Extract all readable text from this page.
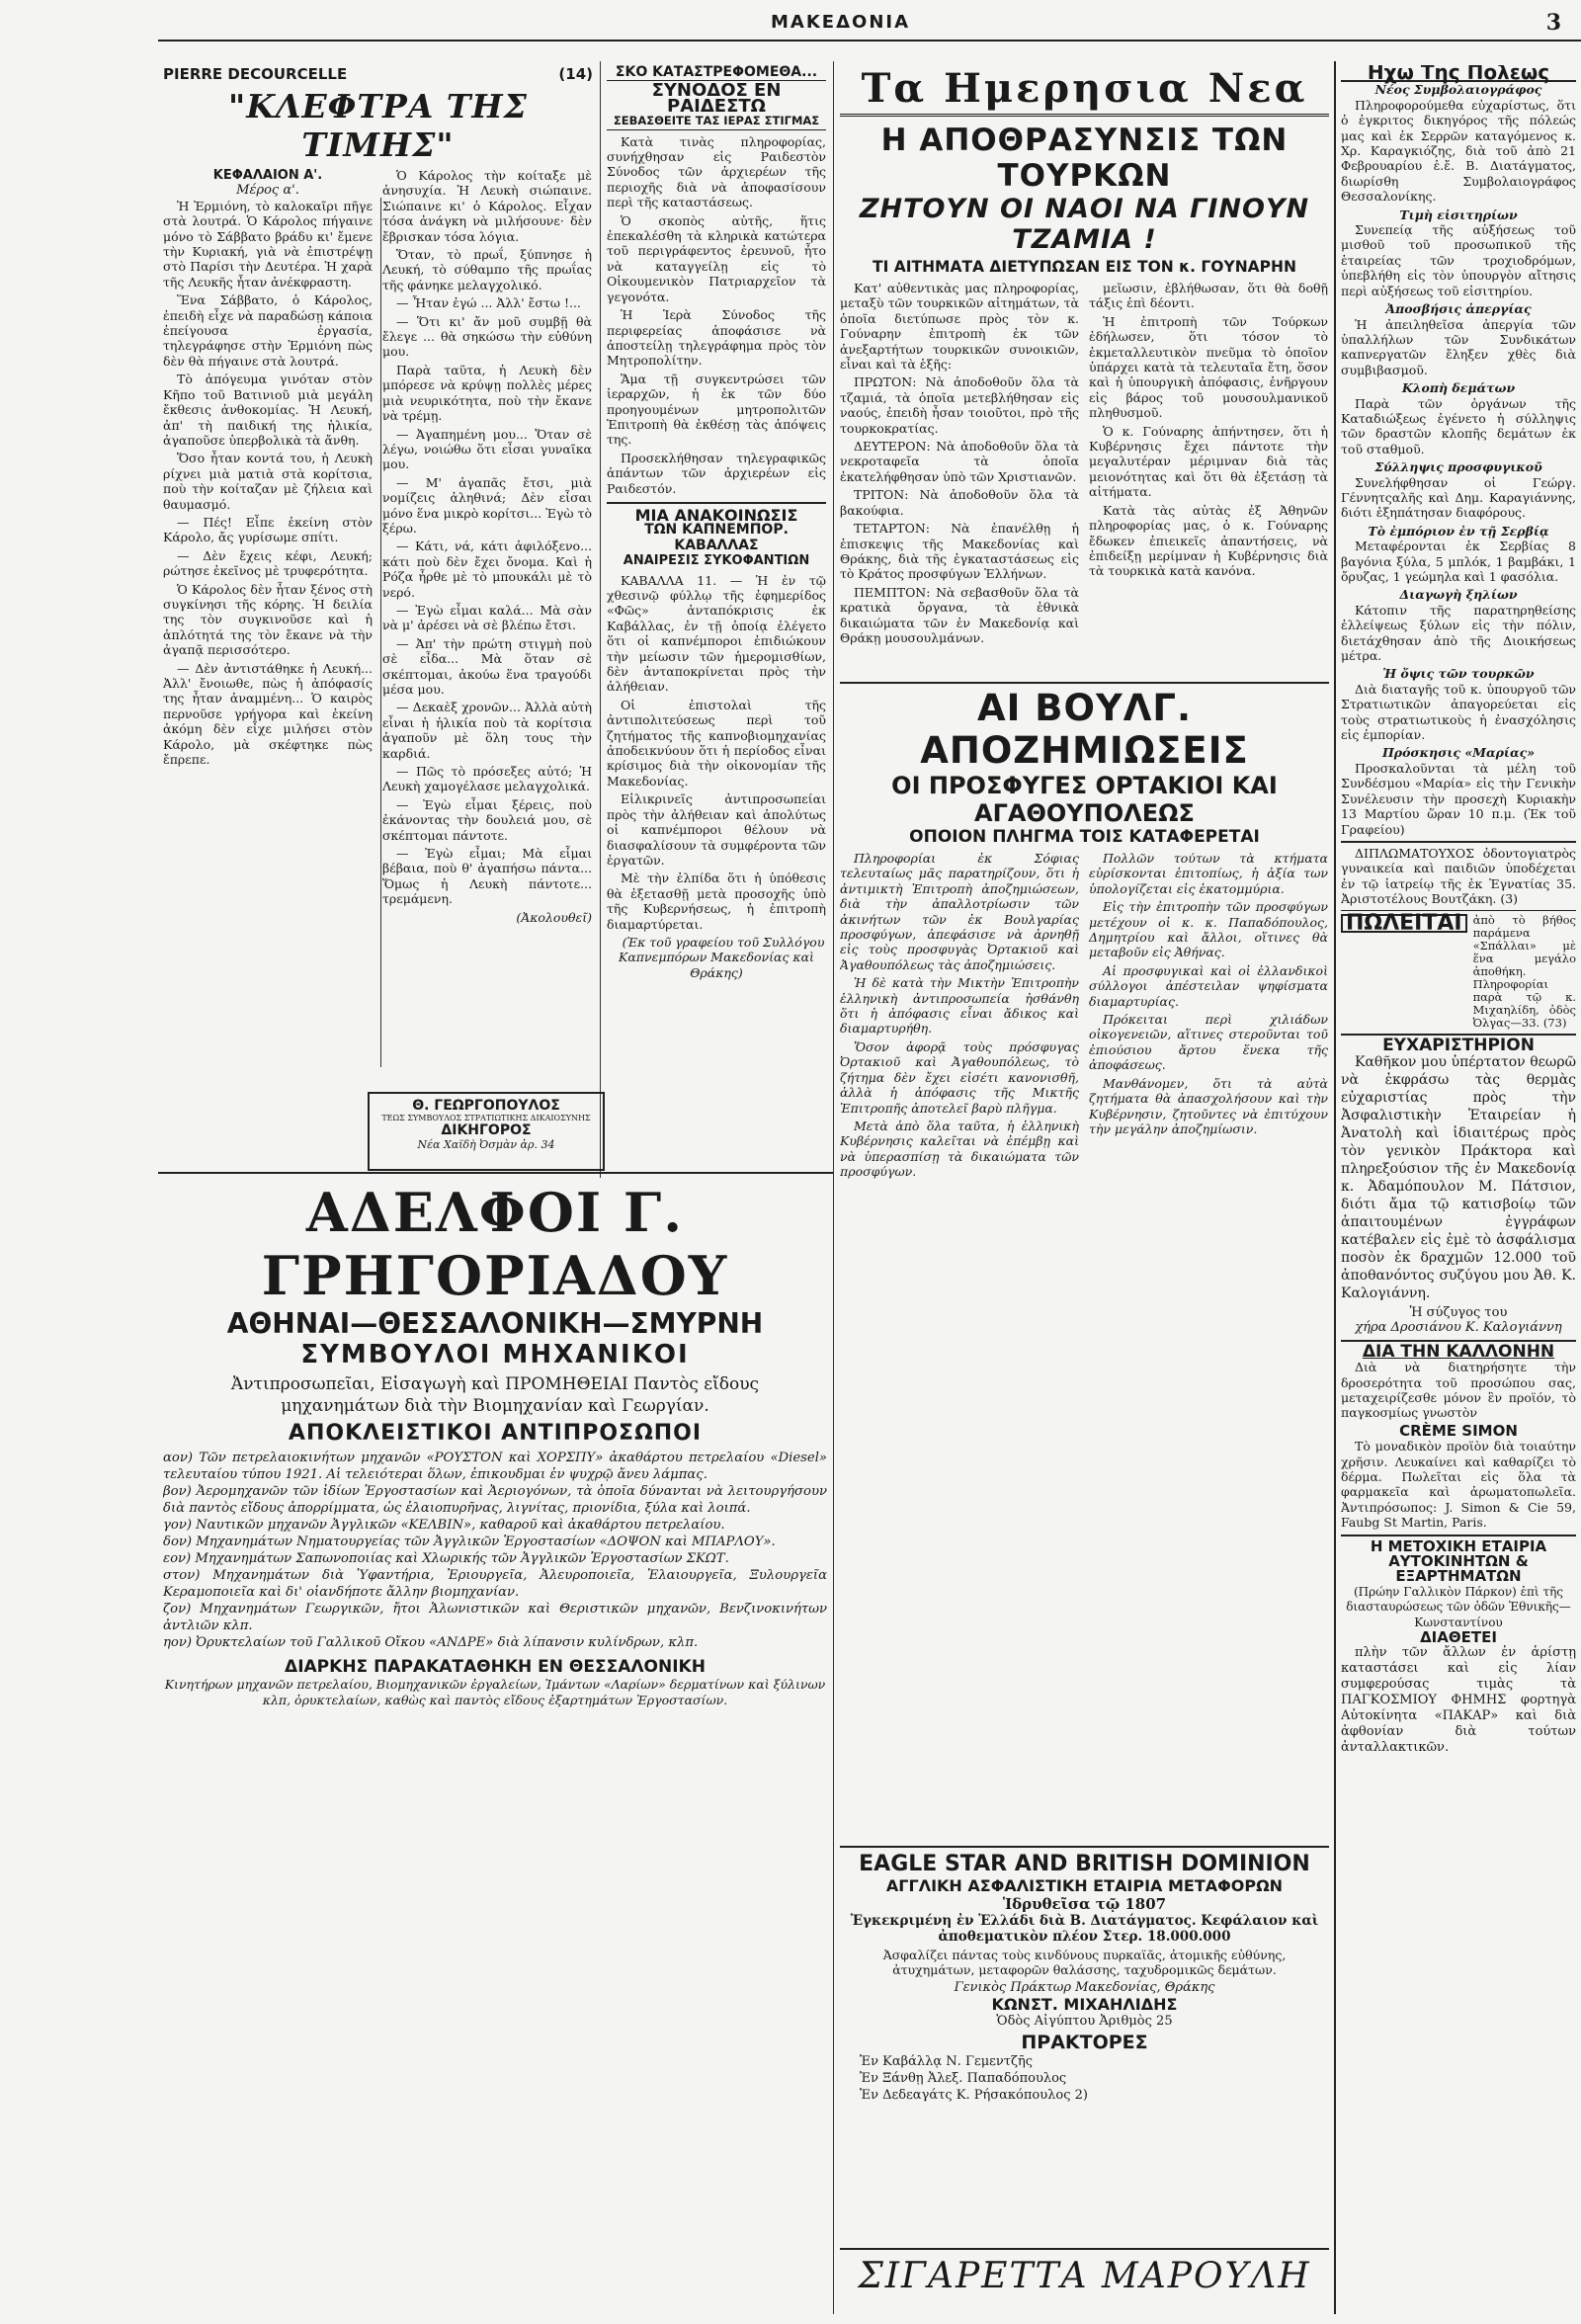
ΜΑΚΕΔΟΝΙΑ	3
PIERRE DECOURCELLE	(14)
"ΚΛΕΦΤΡΑ ΤΗΣ ΤΙΜΗΣ"
ΚΕΦΑΛΑΙΟΝ Α'.
Μέρος α'.

Ἡ Ἑρμιόνη, τὸ καλοκαῖρι πῆγε στὰ λουτρά. Ὁ Κάρολος πήγαινε μόνο τὸ Σάββατο βράδυ κι' ἔμενε τὴν Κυριακή, γιὰ νὰ ἐπιστρέψῃ στὸ Παρίσι τὴν Δευτέρα. Ἡ χαρὰ τῆς Λευκῆς ἦταν ἀνέκφραστη.

Ἕνα Σάββατο, ὁ Κάρολος, ἐπειδὴ εἶχε νὰ παραδώσῃ κάποια ἐπείγουσα ἐργασία, τηλεγράφησε στὴν Ἑρμιόνη πὼς δὲν θὰ πήγαινε στὰ λουτρά.

Τὸ ἀπόγευμα γινόταν στὸν Κῆπο τοῦ Βατινιοῦ μιὰ μεγάλη ἔκθεσις ἀνθοκομίας. Ἡ Λευκή, ἀπ' τὴ παιδική της ἡλικία, ἀγαποῦσε ὑπερβολικὰ τὰ ἄνθη.

Ὅσο ἦταν κοντά του, ἡ Λευκὴ ρίχνει μιὰ ματιὰ στὰ κορίτσια, ποὺ τὴν κοίταζαν μὲ ζήλεια καὶ θαυμασμό.

— Πές! Εἶπε ἐκείνη στὸν Κάρολο, ἄς γυρίσωμε σπίτι.

— Δὲν ἔχεις κέφι, Λευκή; ρώτησε ἐκεῖνος μὲ τρυφερότητα.

Ὁ Κάρολος δὲν ἦταν ξένος στὴ συγκίνησι τῆς κόρης. Ἡ δειλία της τὸν συγκινοῦσε καὶ ἡ ἁπλότητά της τὸν ἔκανε νὰ τὴν ἀγαπᾷ περισσότερο.

— Δὲν ἀντιστάθηκε ἡ Λευκή... Ἀλλ' ἔνοιωθε, πὼς ἡ ἀπόφασίς της ἦταν ἀναμμένη... Ὁ καιρὸς περνοῦσε γρήγορα καὶ ἐκείνη ἀκόμη δὲν εἶχε μιλήσει στὸν Κάρολο, μὰ σκέφτηκε πὼς ἔπρεπε.

Ὁ Κάρολος τὴν κοίταξε μὲ ἀνησυχία. Ἡ Λευκὴ σιώπαινε. Σιώπαινε κι' ὁ Κάρολος. Εἶχαν τόσα ἀνάγκη νὰ μιλήσουνε· δὲν ἔβρισκαν τόσα λόγια.

Ὅταν, τὸ πρωΐ, ξύπνησε ἡ Λευκή, τὸ σύθαμπο τῆς πρωΐας τῆς φάνηκε μελαγχολικό.

— Ἦταν ἐγώ ... Ἀλλ' ἔστω !...

— Ὅτι κι' ἄν μοῦ συμβῇ θὰ ἔλεγε ... θὰ σηκώσω τὴν εὐθύνη μου.

Παρὰ ταῦτα, ἡ Λευκὴ δὲν μπόρεσε νὰ κρύψῃ πολλὲς μέρες μιὰ νευρικότητα, ποὺ τὴν ἔκανε νὰ τρέμῃ.

— Ἀγαπημένη μου... Ὅταν σὲ λέγω, νοιώθω ὅτι εἶσαι γυναῖκα μου.

— Μ' ἀγαπᾶς ἔτσι, μιὰ νομίζεις ἀληθινά; Δὲν εἶσαι μόνο ἕνα μικρὸ κορίτσι... Ἐγὼ τὸ ξέρω.

— Κάτι, νά, κάτι ἀφιλόξενο... κάτι ποὺ δὲν ἔχει ὄνομα. Καὶ ἡ Ρόζα ἦρθε μὲ τὸ μπουκάλι μὲ τὸ νερό.

— Ἐγὼ εἶμαι καλά... Μὰ σὰν νὰ μ' ἀρέσει νὰ σὲ βλέπω ἔτσι.

— Ἀπ' τὴν πρώτη στιγμὴ ποὺ σὲ εἶδα... Μὰ ὅταν σὲ σκέπτομαι, ἀκούω ἕνα τραγούδι μέσα μου.

— Δεκαὲξ χρονῶν... Ἀλλὰ αὐτὴ εἶναι ἡ ἡλικία ποὺ τὰ κορίτσια ἀγαποῦν μὲ ὅλη τους τὴν καρδιά.

— Πῶς τὸ πρόσεξες αὐτό; Ἡ Λευκὴ χαμογέλασε μελαγχολικά.

— Ἐγὼ εἶμαι ξέρεις, ποὺ ἐκάνοντας τὴν δουλειά μου, σὲ σκέπτομαι πάντοτε.

— Ἐγὼ εἶμαι; Μὰ εἶμαι βέβαια, ποὺ θ' ἀγαπήσω πάντα... Ὅμως ἡ Λευκὴ πάντοτε... τρεμάμενη.

(Ἀκολουθεῖ)
ΣΚΟ ΚΑΤΑΣΤΡΕΦΟΜΕΘΑ...
ΣΥΝΟΔΟΣ ΕΝ ΡΑΙΔΕΣΤΩ
ΣΕΒΑΣΘΕΙΤΕ ΤΑΣ ΙΕΡΑΣ ΣΤΙΓΜΑΣ

Κατὰ τινὰς πληροφορίας, συνήχθησαν εἰς Ραιδεστὸν Σύνοδος τῶν ἀρχιερέων τῆς περιοχῆς διὰ νὰ ἀποφασίσουν περὶ τῆς καταστάσεως.

Ὁ σκοπὸς αὐτῆς, ἥτις ἐπεκαλέσθη τὰ κληρικὰ κατώτερα τοῦ περιγράφεντος ἐρευνοῦ, ἦτο νὰ καταγγείλῃ εἰς τὸ Οἰκουμενικὸν Πατριαρχεῖον τὰ γεγονότα.

Ἡ Ἱερὰ Σύνοδος τῆς περιφερείας ἀποφάσισε νὰ ἀποστείλῃ τηλεγράφημα πρὸς τὸν Μητροπολίτην.

Ἅμα τῇ συγκεντρώσει τῶν ἱεραρχῶν, ἡ ἐκ τῶν δύο προηγουμένων μητροπολιτῶν Ἑπιτροπὴ θὰ ἐκθέσῃ τὰς ἀπόψεις της.

Προσεκλήθησαν τηλεγραφικῶς ἀπάντων τῶν ἀρχιερέων εἰς Ραιδεστόν.

ΜΙΑ ΑΝΑΚΟΙΝΩΣΙΣ
ΤΩΝ ΚΑΠΝΕΜΠΟΡ. ΚΑΒΑΛΛΑΣ
ΑΝΑΙΡΕΣΙΣ ΣΥΚΟΦΑΝΤΙΩΝ

ΚΑΒΑΛΛΑ 11. — Ἡ ἐν τῷ χθεσινῷ φύλλῳ τῆς ἐφημερίδος «Φῶς» ἀνταπόκρισις ἐκ Καβάλλας, ἐν τῇ ὁποίᾳ ἐλέγετο ὅτι οἱ καπνέμποροι ἐπιδιώκουν τὴν μείωσιν τῶν ἡμερομισθίων, δὲν ἀνταποκρίνεται πρὸς τὴν ἀλήθειαν.

Οἱ ἐπιστολαὶ τῆς ἀντιπολιτεύσεως περὶ τοῦ ζητήματος τῆς καπνοβιομηχανίας ἀποδεικνύουν ὅτι ἡ περίοδος εἶναι κρίσιμος διὰ τὴν οἰκονομίαν τῆς Μακεδονίας.

Εἰλικρινεῖς ἀντιπροσωπείαι πρὸς τὴν ἀλήθειαν καὶ ἀπολύτως οἱ καπνέμποροι θέλουν νὰ διασφαλίσουν τὰ συμφέροντα τῶν ἐργατῶν.

Μὲ τὴν ἐλπίδα ὅτι ἡ ὑπόθεσις θὰ ἐξετασθῇ μετὰ προσοχῆς ὑπὸ τῆς Κυβερνήσεως, ἡ ἐπιτροπὴ διαμαρτύρεται.

(Ἐκ τοῦ γραφείου τοῦ Συλλόγου Καπνεμπόρων Μακεδονίας καὶ Θράκης)

Θ. ΓΕΩΡΓΟΠΟΥΛΟΣ
ΤΕΩΣ ΣΥΜΒΟΥΛΟΣ ΣΤΡΑΤΙΩΤΙΚΗΣ ΔΙΚΑΙΟΣΥΝΗΣ
ΔΙΚΗΓΟΡΟΣ
Νέα Χαϊδὴ Ὀσμὰν ἀρ. 34
ΑΔΕΛΦΟΙ Γ. ΓΡΗΓΟΡΙΑΔΟΥ
ΑΘΗΝΑΙ—ΘΕΣΣΑΛΟΝΙΚΗ—ΣΜΥΡΝΗ
ΣΥΜΒΟΥΛΟΙ ΜΗΧΑΝΙΚΟΙ
Ἀντιπροσωπεῖαι, Εἰσαγωγὴ καὶ ΠΡΟΜΗΘΕΙΑΙ Παντὸς εἴδους μηχανημάτων διὰ τὴν Βιομηχανίαν καὶ Γεωργίαν.
ΑΠΟΚΛΕΙΣΤΙΚΟΙ ΑΝΤΙΠΡΟΣΩΠΟΙ
αον) Τῶν πετρελαιοκινήτων μηχανῶν «ΡΟΥΣΤΟΝ καὶ ΧΟΡΣΠΥ» ἀκαθάρτου πετρελαίου «Diesel» τελευταίου τύπου 1921. Αἱ τελειότεραι ὅλων, ἐπικουδμαι ἐν ψυχρῷ ἄνευ λάμπας.
βον) Ἀερομηχανῶν τῶν ἰδίων Ἐργοστασίων καὶ Ἀεριογόνων, τὰ ὁποῖα δύνανται νὰ λειτουργήσουν διὰ παντὸς εἴδους ἀπορρίμματα, ὡς ἐλαιοπυρῆνας, λιγνίτας, πριονίδια, ξύλα καὶ λοιπά.
γον) Ναυτικῶν μηχανῶν Ἀγγλικῶν «ΚΕΛΒΙΝ», καθαροῦ καὶ ἀκαθάρτου πετρελαίου.
δον) Μηχανημάτων Νηματουργείας τῶν Ἀγγλικῶν Ἐργοστασίων «ΔΟΨΟΝ καὶ ΜΠΑΡΛΟΥ».
εον) Μηχανημάτων Σαπωνοποιίας καὶ Χλωρικής τῶν Ἀγγλικῶν Ἐργοστασίων ΣΚΩΤ.
στον) Μηχανημάτων διὰ Ὑφαντήρια, Ἐριουργεῖα, Ἀλευροποιεῖα, Ἐλαιουργεῖα, Ξυλουργεῖα Κεραμοποιεῖα καὶ δι' οἱανδήποτε ἄλλην βιομηχανίαν.
ζον) Μηχανημάτων Γεωργικῶν, ἤτοι Ἀλωνιστικῶν καὶ Θεριστικῶν μηχανῶν, Βενζινοκινήτων ἀντλιῶν κλπ.
ηον) Ὀρυκτελαίων τοῦ Γαλλικοῦ Οἴκου «ΑΝΔΡΕ» διὰ λίπανσιν κυλίνδρων, κλπ.
ΔΙΑΡΚΗΣ ΠΑΡΑΚΑΤΑΘΗΚΗ ΕΝ ΘΕΣΣΑΛΟΝΙΚΗ
Κινητήρων μηχανῶν πετρελαίου, Βιομηχανικῶν ἐργαλείων, Ἱμάντων «Λαρίων» δερματίνων καὶ ξύλινων κλπ, ὀρυκτελαίων, καθὼς καὶ παντὸς εἴδους ἐξαρτημάτων Ἐργοστασίων.
Τα Ημερησια Νεα
Η ΑΠΟΘΡΑΣΥΝΣΙΣ ΤΩΝ ΤΟΥΡΚΩΝ
ΖΗΤΟΥΝ ΟΙ ΝΑΟΙ ΝΑ ΓΙΝΟΥΝ ΤΖΑΜΙΑ !
ΤΙ ΑΙΤΗΜΑΤΑ ΔΙΕΤΥΠΩΣΑΝ ΕΙΣ ΤΟΝ κ. ΓΟΥΝΑΡΗΝ

Κατ' αὐθεντικὰς μας πληροφορίας, μεταξὺ τῶν τουρκικῶν αἰτημάτων, τὰ ὁποῖα διετύπωσε πρὸς τὸν κ. Γούναρην ἐπιτροπὴ ἐκ τῶν ἀνεξαρτήτων τουρκικῶν συνοικιῶν, εἶναι καὶ τὰ ἑξῆς:

ΠΡΩΤΟΝ: Νὰ ἀποδοθοῦν ὅλα τὰ τζαμιά, τὰ ὁποῖα μετεβλήθησαν εἰς ναούς, ἐπειδὴ ἦσαν τοιοῦτοι, πρὸ τῆς τουρκοκρατίας.

ΔΕΥΤΕΡΟΝ: Νὰ ἀποδοθοῦν ὅλα τὰ νεκροταφεῖα τὰ ὁποῖα ἐκατελήφθησαν ὑπὸ τῶν Χριστιανῶν.

ΤΡΙΤΟΝ: Νὰ ἀποδοθοῦν ὅλα τὰ βακούφια.

ΤΕΤΑΡΤΟΝ: Νὰ ἐπανέλθῃ ἡ ἐπισκεψις τῆς Μακεδονίας καὶ Θράκης, διὰ τῆς ἐγκαταστάσεως εἰς τὸ Κράτος προσφύγων Ἑλλήνων.

ΠΕΜΠΤΟΝ: Νὰ σεβασθοῦν ὅλα τὰ κρατικὰ ὄργανα, τὰ ἐθνικὰ δικαιώματα τῶν ἐν Μακεδονίᾳ καὶ Θράκῃ μουσουλμάνων.

μεῖωσιν, ἐβλήθωσαν, ὅτι θὰ δοθῇ τάξις ἐπὶ δέοντι.

Ἡ ἐπιτροπὴ τῶν Τούρκων ἐδήλωσεν, ὅτι τόσον τὸ ἐκμεταλλευτικὸν πνεῦμα τὸ ὁποῖον ὑπάρχει κατὰ τὰ τελευταῖα ἔτη, ὅσον καὶ ἡ ὑπουργικὴ ἀπόφασις, ἐνῆργουν εἰς βάρος τοῦ μουσουλμανικοῦ πληθυσμοῦ.

Ὁ κ. Γούναρης ἀπήντησεν, ὅτι ἡ Κυβέρνησις ἔχει πάντοτε τὴν μεγαλυτέραν μέριμναν διὰ τὰς μειονότητας καὶ ὅτι θὰ ἐξετάσῃ τὰ αἰτήματα.

Κατὰ τὰς αὐτὰς ἐξ Ἀθηνῶν πληροφορίας μας, ὁ κ. Γούναρης ἔδωκεν ἐπιεικεῖς ἀπαντήσεις, νὰ ἐπιδείξῃ μερίμναν ἡ Κυβέρνησις διὰ τὰ τουρκικὰ κατὰ κανόνα.

ΑΙ ΒΟΥΛΓ. ΑΠΟΖΗΜΙΩΣΕΙΣ
ΟΙ ΠΡΟΣΦΥΓΕΣ ΟΡΤΑΚΙΟΙ ΚΑΙ ΑΓΑΘΟΥΠΟΛΕΩΣ
ΟΠΟΙΟΝ ΠΛΗΓΜΑ ΤΟΙΣ ΚΑΤΑΦΕΡΕΤΑΙ

Πληροφορίαι ἐκ Σόφιας τελευταίως μᾶς παρατηρίζουν, ὅτι ἡ ἀντιμικτὴ Ἐπιτροπὴ ἀποζημιώσεων, διὰ τὴν ἀπαλλοτρίωσιν τῶν ἀκινήτων τῶν ἐκ Βουλγαρίας προσφύγων, ἀπεφάσισε νὰ ἀρνηθῇ εἰς τοὺς προσφυγὰς Ὀρτακιοῦ καὶ Ἀγαθουπόλεως τὰς ἀποζημιώσεις.

Ἡ δὲ κατὰ τὴν Μικτὴν Ἐπιτροπὴν ἑλληνικὴ ἀντιπροσωπεία ἠσθάνθη ὅτι ἡ ἀπόφασις εἶναι ἄδικος καὶ διαμαρτυρήθη.

Ὅσον ἀφορᾷ τοὺς πρόσφυγας Ὀρτακιοῦ καὶ Ἀγαθουπόλεως, τὸ ζήτημα δὲν ἔχει εἰσέτι κανονισθῆ, ἀλλὰ ἡ ἀπόφασις τῆς Μικτῆς Ἐπιτροπῆς ἀποτελεῖ βαρὺ πλῆγμα.

Μετὰ ἀπὸ ὅλα ταῦτα, ἡ ἑλληνικὴ Κυβέρνησις καλεῖται νὰ ἐπέμβῃ καὶ νὰ ὑπερασπίσῃ τὰ δικαιώματα τῶν προσφύγων.

Πολλῶν τούτων τὰ κτήματα εὑρίσκονται ἐπιτοπίως, ἡ ἀξία των ὑπολογίζεται εἰς ἑκατομμύρια.

Εἰς τὴν ἐπιτροπὴν τῶν προσφύγων μετέχουν οἱ κ. κ. Παπαδόπουλος, Δημητρίου καὶ ἄλλοι, οἵτινες θὰ μεταβοῦν εἰς Ἀθήνας.

Αἱ προσφυγικαὶ καὶ οἱ ἐλλανδικοὶ σύλλογοι ἀπέστειλαν ψηφίσματα διαμαρτυρίας.

Πρόκειται περὶ χιλιάδων οἰκογενειῶν, αἵτινες στεροῦνται τοῦ ἐπιούσιου ἄρτου ἕνεκα τῆς ἀποφάσεως.

Μανθάνομεν, ὅτι τὰ αὐτὰ ζητήματα θὰ ἀπασχολήσουν καὶ τὴν Κυβέρνησιν, ζητοῦντες νὰ ἐπιτύχουν τὴν μεγάλην ἀποζημίωσιν.

EAGLE STAR AND BRITISH DOMINION
ΑΓΓΛΙΚΗ ΑΣΦΑΛΙΣΤΙΚΗ ΕΤΑΙΡΙΑ ΜΕΤΑΦΟΡΩΝ
Ἱδρυθεῖσα τῷ 1807
Ἐγκεκριμένη ἐν Ἑλλάδι διὰ Β. Διατάγματος. Κεφάλαιον καὶ ἀποθεματικὸν πλέον Στερ. 18.000.000
Ἀσφαλίζει πάντας τοὺς κινδύνους πυρκαϊᾶς, ἀτομικῆς εὐθύνης, ἀτυχημάτων, μεταφορῶν θαλάσσης, ταχυδρομικῶς δεμάτων.
Γενικὸς Πράκτωρ Μακεδονίας, Θράκης
ΚΩΝΣΤ. ΜΙΧΑΗΛΙΔΗΣ
Ὁδὸς Αἰγύπτου Ἀριθμὸς 25
ΠΡΑΚΤΟΡΕΣ
Ἐν Καβάλλᾳ Ν. Γεμεντζῆς
Ἐν Ξάνθῃ Ἀλεξ. Παπαδόπουλος
Ἐν Δεδεαγάτς Κ. Ρήσακόπουλος 2)
ΣΙΓΑΡΕΤΤΑ ΜΑΡΟΥΛΗ
Ηχω Της Πολεως
Νέος Συμβολαιογράφος

Πληροφορούμεθα εὐχαρίστως, ὅτι ὁ ἐγκριτος δικηγόρος τῆς πόλεώς μας καὶ ἐκ Σερρῶν καταγόμενος κ. Χρ. Καραγκιόζης, διὰ τοῦ ἀπὸ 21 Φεβρουαρίου ἐ.ἔ. Β. Διατάγματος, διωρίσθη Συμβολαιογράφος Θεσσαλονίκης.

Τιμὴ εἰσιτηρίων

Συνεπείᾳ τῆς αὐξήσεως τοῦ μισθοῦ τοῦ προσωπικοῦ τῆς ἑταιρείας τῶν τροχιοδρόμων, ὑπεβλήθη εἰς τὸν ὑπουργὸν αἴτησις περὶ αὐξήσεως τοῦ εἰσιτηρίου.

Ἀποσβήσις ἀπεργίας

Ἡ ἀπειληθεῖσα ἀπεργία τῶν ὑπαλλήλων τῶν Συνδικάτων καπνεργατῶν ἔληξεν χθὲς διὰ συμβιβασμοῦ.

Κλοπὴ δεμάτων

Παρὰ τῶν ὀργάνων τῆς Καταδιώξεως ἐγένετο ἡ σύλληψις τῶν δραστῶν κλοπῆς δεμάτων ἐκ τοῦ σταθμοῦ.

Σύλληψις προσφυγικοῦ

Συνελήφθησαν οἱ Γεώργ. Γέννητςαλῆς καὶ Δημ. Καραγιάννης, διότι ἐξηπάτησαν διαφόρους.

Τὸ ἐμπόριον ἐν τῇ Σερβίᾳ

Μεταφέρονται ἐκ Σερβίας 8 βαγόνια ξύλα, 5 μπλόκ, 1 βαμβάκι, 1 ὄρυζας, 1 γεώμηλα καὶ 1 φασόλια.

Διαγωγὴ ξηλίων

Κάτοπιν τῆς παρατηρηθείσης ἐλλείψεως ξύλων εἰς τὴν πόλιν, διετάχθησαν ἀπὸ τῆς Διοικήσεως μέτρα.

Ἡ ὄψις τῶν τουρκῶν

Διὰ διαταγῆς τοῦ κ. ὑπουργοῦ τῶν Στρατιωτικῶν ἀπαγορεύεται εἰς τοὺς στρατιωτικοὺς ἡ ἐνασχόλησις εἰς ἐμπορίαν.

Πρόσκησις «Μαρίας»

Προσκαλοῦνται τὰ μέλη τοῦ Συνδέσμου «Μαρία» εἰς τὴν Γενικὴν Συνέλευσιν τὴν προσεχὴ Κυριακὴν 13 Μαρτίου ὥραν 10 π.μ. (Ἐκ τοῦ Γραφείου)

ΔΙΠΛΩΜΑΤΟΥΧΟΣ ὀδοντογιατρὸς γυναικεία καὶ παιδιῶν ὑποδέχεται ἐν τῷ ἰατρείῳ τῆς ἐκ Ἐγνατίας 35. Ἀριστοτέλους Βουτζάκη. (3)

ΠΩΛΕΙΤΑΙ ἀπὸ τὸ βήθος παράμενα «Σπάλλαι» μὲ ἕνα μεγάλο ἀποθήκη. Πληροφορίαι παρὰ τῷ κ. Μιχαηλίδη, ὁδὸς Ὀλγας—33. (73)
ΕΥΧΑΡΙΣΤΗΡΙΟΝ

Καθῆκον μου ὑπέρτατον θεωρῶ νὰ ἐκφράσω τὰς θερμὰς εὐχαριστίας πρὸς τὴν Ἀσφαλιστικὴν Ἑταιρείαν ἡ Ἀνατολὴ καὶ ἰδιαιτέρως πρὸς τὸν γενικὸν Πράκτορα καὶ πληρεξούσιον τῆς ἐν Μακεδονίᾳ κ. Ἀδαμόπουλον Μ. Πάτσιον, διότι ἄμα τῷ κατισβοίῳ τῶν ἀπαιτουμένων ἐγγράφων κατέβαλεν εἰς ἐμὲ τὸ ἀσφάλισμα ποσὸν ἐκ δραχμῶν 12.000 τοῦ ἀποθανόντος συζύγου μου Ἀθ. Κ. Καλογιάννη.

Ἡ σύζυγος του
χήρα Δροσιάνου Κ. Καλογιάννη
ΔΙΑ ΤΗΝ ΚΑΛΛΟΝΗΝ

Διὰ νὰ διατηρήσητε τὴν δροσερότητα τοῦ προσώπου σας, μεταχειρίζεσθε μόνον ἓν προϊόν, τὸ παγκοσμίως γνωστὸν

CRÈME SIMON

Τὸ μοναδικὸν προϊὸν διὰ τοιαύτην χρῆσιν. Λευκαίνει καὶ καθαρίζει τὸ δέρμα. Πωλεῖται εἰς ὅλα τὰ φαρμακεῖα καὶ ἀρωματοπωλεῖα. Ἀντιπρόσωπος: J. Simon & Cie 59, Faubg St Martin, Paris.

Η ΜΕΤΟΧΙΚΗ ΕΤΑΙΡΙΑ ΑΥΤΟΚΙΝΗΤΩΝ & ΕΞΑΡΤΗΜΑΤΩΝ
(Πρώην Γαλλικὸν Πάρκον) ἐπὶ τῆς διασταυρώσεως τῶν ὁδῶν Ἐθνικῆς—Κωνσταντίνου
ΔΙΑΘΕΤΕΙ

πλὴν τῶν ἄλλων ἐν ἀρίστῃ καταστάσει καὶ εἰς λίαν συμφερούσας τιμὰς τὰ ΠΑΓΚΟΣΜΙΟΥ ΦΗΜΗΣ φορτηγὰ Αὐτοκίνητα «ΠΑΚΑΡ» καὶ διὰ ἀφθονίαν διὰ τούτων ἀνταλλακτικῶν.
